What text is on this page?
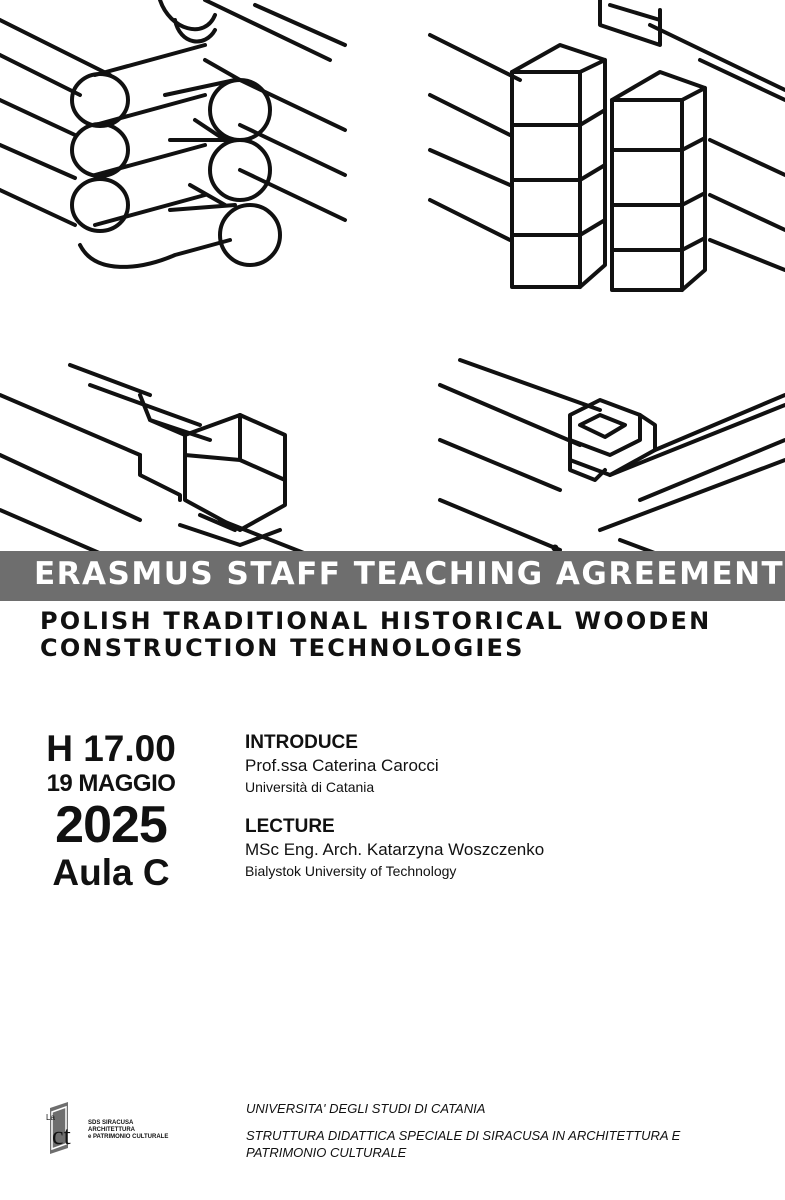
ERASMUS STAFF TEACHING AGREEMENT
POLISH TRADITIONAL HISTORICAL WOODEN
CONSTRUCTION TECHNOLOGIES
H 17.00
19 MAGGIO
2025
Aula C
INTRODUCE
Prof.ssa Caterina Carocci
Università di Catania
LECTURE
MSc Eng. Arch. Katarzyna Woszczenko
Bialystok University of Technology
La
ct	SDS SIRACUSA
ARCHITETTURA
e PATRIMONIO CULTURALE
UNIVERSITA' DEGLI STUDI DI CATANIA
STRUTTURA DIDATTICA SPECIALE DI SIRACUSA IN ARCHITETTURA E
PATRIMONIO CULTURALE
